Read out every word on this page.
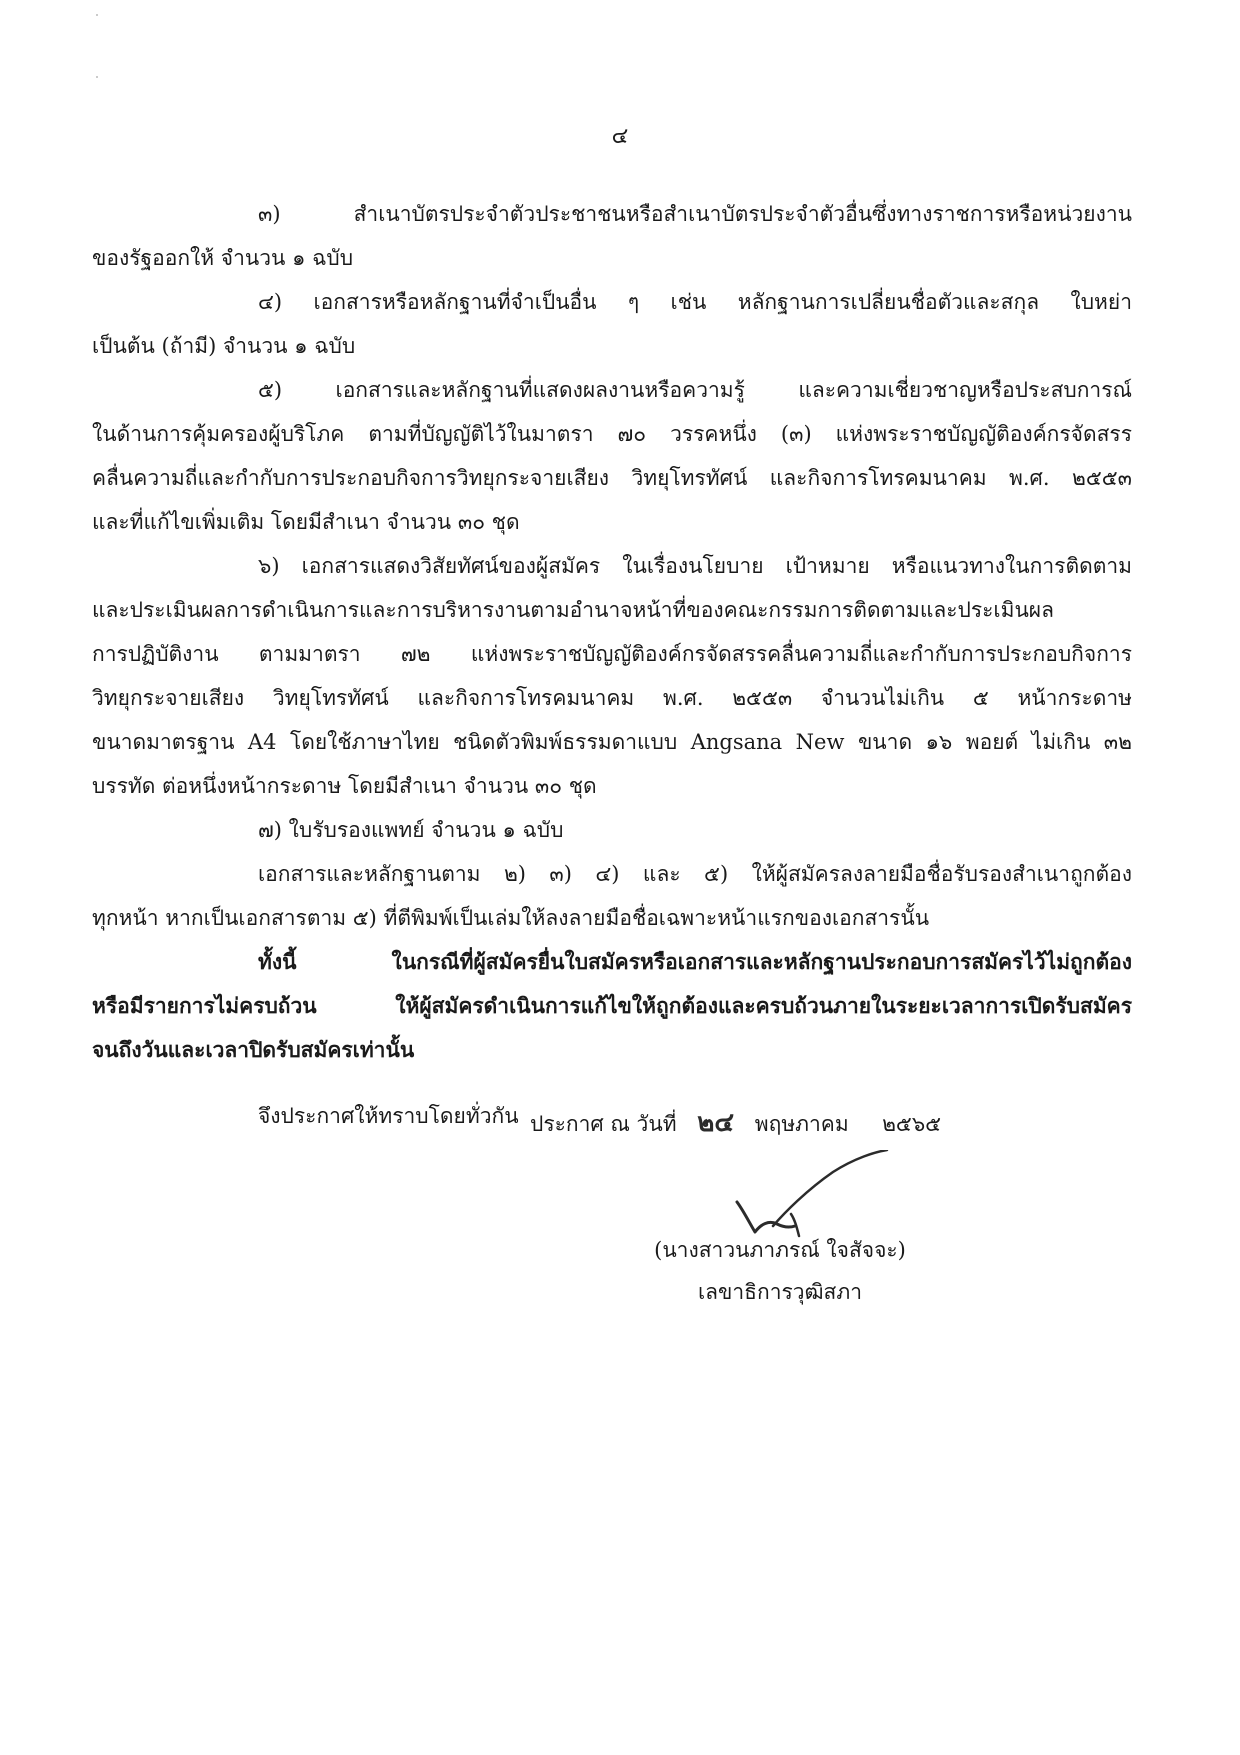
๔
๓) สำเนาบัตรประจำตัวประชาชนหรือสำเนาบัตรประจำตัวอื่นซึ่งทางราชการหรือหน่วยงาน
ของรัฐออกให้ จำนวน ๑ ฉบับ
๔) เอกสารหรือหลักฐานที่จำเป็นอื่น ๆ เช่น หลักฐานการเปลี่ยนชื่อตัวและสกุล ใบหย่า
เป็นต้น (ถ้ามี) จำนวน ๑ ฉบับ
๕) เอกสารและหลักฐานที่แสดงผลงานหรือความรู้ และความเชี่ยวชาญหรือประสบการณ์
ในด้านการคุ้มครองผู้บริโภค ตามที่บัญญัติไว้ในมาตรา ๗๐ วรรคหนึ่ง (๓) แห่งพระราชบัญญัติองค์กรจัดสรร
คลื่นความถี่และกำกับการประกอบกิจการวิทยุกระจายเสียง วิทยุโทรทัศน์ และกิจการโทรคมนาคม พ.ศ. ๒๕๕๓
และที่แก้ไขเพิ่มเติม โดยมีสำเนา จำนวน ๓๐ ชุด
๖) เอกสารแสดงวิสัยทัศน์ของผู้สมัคร ในเรื่องนโยบาย เป้าหมาย หรือแนวทางในการติดตาม
และประเมินผลการดำเนินการและการบริหารงานตามอำนาจหน้าที่ของคณะกรรมการติดตามและประเมินผล
การปฏิบัติงาน ตามมาตรา ๗๒ แห่งพระราชบัญญัติองค์กรจัดสรรคลื่นความถี่และกำกับการประกอบกิจการ
วิทยุกระจายเสียง วิทยุโทรทัศน์ และกิจการโทรคมนาคม พ.ศ. ๒๕๕๓ จำนวนไม่เกิน ๕ หน้ากระดาษ
ขนาดมาตรฐาน A4 โดยใช้ภาษาไทย ชนิดตัวพิมพ์ธรรมดาแบบ Angsana New ขนาด ๑๖ พอยต์ ไม่เกิน ๓๒
บรรทัด ต่อหนึ่งหน้ากระดาษ โดยมีสำเนา จำนวน ๓๐ ชุด
๗) ใบรับรองแพทย์ จำนวน ๑ ฉบับ
เอกสารและหลักฐานตาม ๒) ๓) ๔) และ ๕) ให้ผู้สมัครลงลายมือชื่อรับรองสำเนาถูกต้อง
ทุกหน้า หากเป็นเอกสารตาม ๕) ที่ตีพิมพ์เป็นเล่มให้ลงลายมือชื่อเฉพาะหน้าแรกของเอกสารนั้น
ทั้งนี้ ในกรณีที่ผู้สมัครยื่นใบสมัครหรือเอกสารและหลักฐานประกอบการสมัครไว้ไม่ถูกต้อง
หรือมีรายการไม่ครบถ้วน ให้ผู้สมัครดำเนินการแก้ไขให้ถูกต้องและครบถ้วนภายในระยะเวลาการเปิดรับสมัคร
จนถึงวันและเวลาปิดรับสมัครเท่านั้น
จึงประกาศให้ทราบโดยทั่วกัน ประกาศ ณ วันที่ ๒๔ พฤษภาคม ๒๕๖๕
(นางสาวนภาภรณ์ ใจสัจจะ)
เลขาธิการวุฒิสภา
